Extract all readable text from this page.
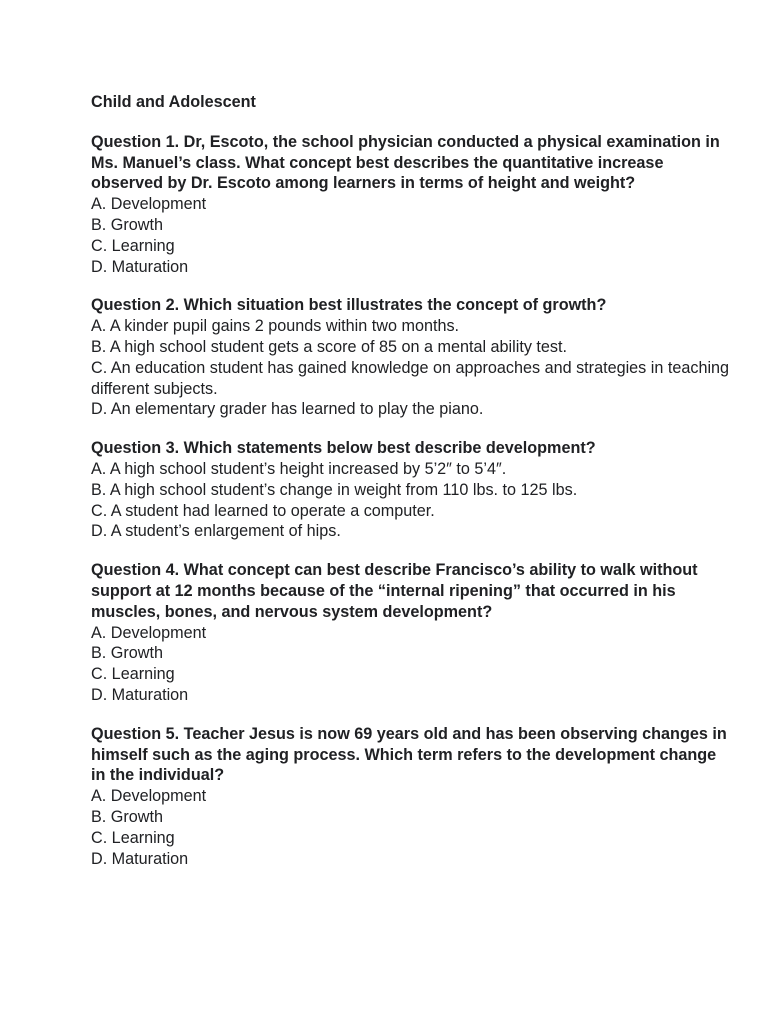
Child and Adolescent

Question 1. Dr, Escoto, the school physician conducted a physical examination in Ms. Manuel’s class. What concept best describes the quantitative increase observed by Dr. Escoto among learners in terms of height and weight?

A. Development
B. Growth
C. Learning
D. Maturation

Question 2. Which situation best illustrates the concept of growth?

A. A kinder pupil gains 2 pounds within two months.
B. A high school student gets a score of 85 on a mental ability test.
C. An education student has gained knowledge on approaches and strategies in teaching different subjects.
D. An elementary grader has learned to play the piano.

Question 3. Which statements below best describe development?

A. A high school student’s height increased by 5’2″ to 5’4″.
B. A high school student’s change in weight from 110 lbs. to 125 lbs.
C. A student had learned to operate a computer.
D. A student’s enlargement of hips.

Question 4. What concept can best describe Francisco’s ability to walk without support at 12 months because of the “internal ripening” that occurred in his muscles, bones, and nervous system development?

A. Development
B. Growth
C. Learning
D. Maturation

Question 5. Teacher Jesus is now 69 years old and has been observing changes in himself such as the aging process. Which term refers to the development change in the individual?

A. Development
B. Growth
C. Learning
D. Maturation
